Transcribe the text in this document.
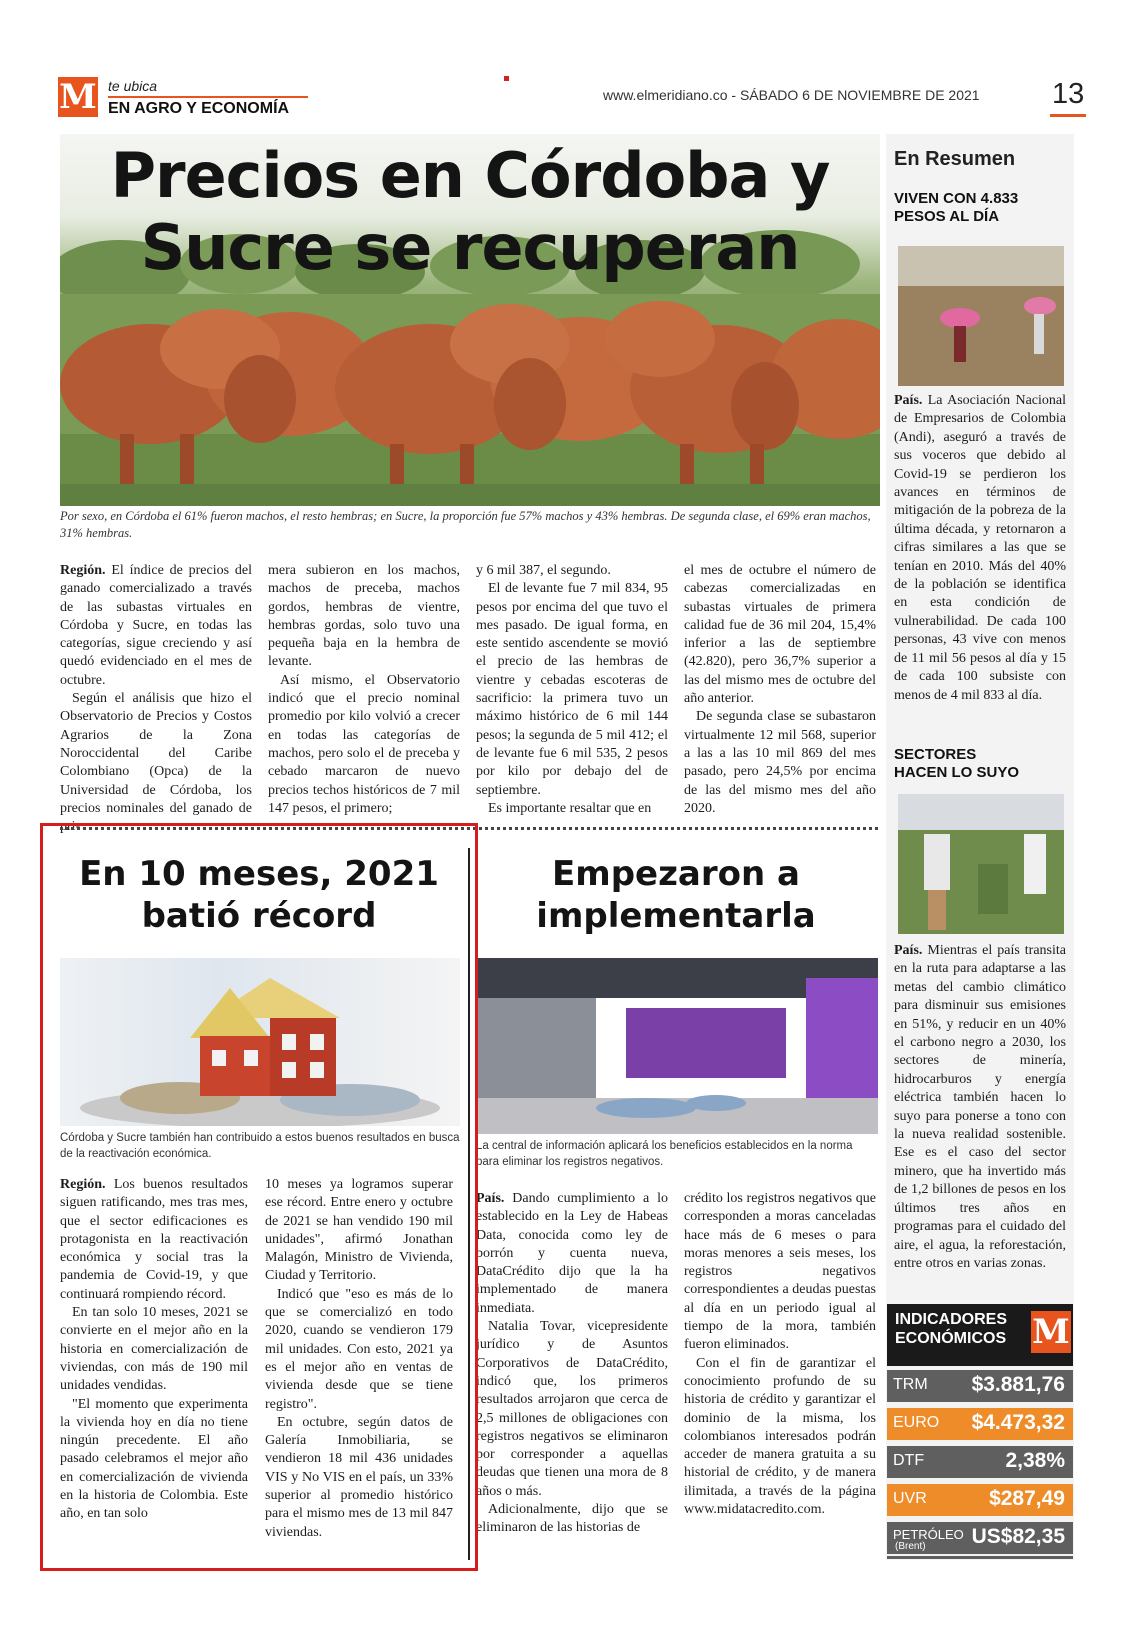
M te ubica
EN AGRO Y ECONOMÍA
www.elmeridiano.co - SÁBADO 6 DE NOVIEMBRE DE 2021 13
Precios en Córdoba y
Sucre se recuperan
Por sexo, en Córdoba el 61% fueron machos, el resto hembras; en Sucre, la proporción fue 57% machos y 43% hembras. De segunda clase, el 69% eran machos, 31% hembras.

Región. El índice de precios del ganado comercializado a través de las subastas virtuales en Córdoba y Sucre, en todas las categorías, sigue creciendo y así quedó evidenciado en el mes de octubre.

Según el análisis que hizo el Observatorio de Precios y Costos Agrarios de la Zona Noroccidental del Caribe Colombiano (Opca) de la Universidad de Córdoba, los precios nominales del ganado de pri-

mera subieron en los machos, machos de preceba, machos gordos, hembras de vientre, hembras gordas, solo tuvo una pequeña baja en la hembra de levante.

Así mismo, el Observatorio indicó que el precio nominal promedio por kilo volvió a crecer en todas las categorías de machos, pero solo el de preceba y cebado marcaron de nuevo precios techos históricos de 7 mil 147 pesos, el primero;

y 6 mil 387, el segundo.

El de levante fue 7 mil 834, 95 pesos por encima del que tuvo el mes pasado. De igual forma, en este sentido ascendente se movió el precio de las hembras de vientre y cebadas escoteras de sacrificio: la primera tuvo un máximo histórico de 6 mil 144 pesos; la segunda de 5 mil 412; el de levante fue 6 mil 535, 2 pesos por kilo por debajo del de septiembre.

Es importante resaltar que en

el mes de octubre el número de cabezas comercializadas en subastas virtuales de primera calidad fue de 36 mil 204, 15,4% inferior a las de septiembre (42.820), pero 36,7% superior a las del mismo mes de octubre del año anterior.

De segunda clase se subastaron virtualmente 12 mil 568, superior a las a las 10 mil 869 del mes pasado, pero 24,5% por encima de las del mismo mes del año 2020.

En 10 meses, 2021
batió récord
Córdoba y Sucre también han contribuido a estos buenos resultados en busca de la reactivación económica.

Región. Los buenos resultados siguen ratificando, mes tras mes, que el sector edificaciones es protagonista en la reactivación económica y social tras la pandemia de Covid-19, y que continuará rompiendo récord.

En tan solo 10 meses, 2021 se convierte en el mejor año en la historia en comercialización de viviendas, con más de 190 mil unidades vendidas.

"El momento que experimenta la vivienda hoy en día no tiene ningún precedente. El año pasado celebramos el mejor año en comercialización de vivienda en la historia de Colombia. Este año, en tan solo

10 meses ya logramos superar ese récord. Entre enero y octubre de 2021 se han vendido 190 mil unidades", afirmó Jonathan Malagón, Ministro de Vivienda, Ciudad y Territorio.

Indicó que "eso es más de lo que se comercializó en todo 2020, cuando se vendieron 179 mil unidades. Con esto, 2021 ya es el mejor año en ventas de vivienda desde que se tiene registro".

En octubre, según datos de Galería Inmobiliaria, se vendieron 18 mil 436 unidades VIS y No VIS en el país, un 33% superior al promedio histórico para el mismo mes de 13 mil 847 viviendas.

Empezaron a
implementarla
La central de información aplicará los beneficios establecidos en la norma para eliminar los registros negativos.

País. Dando cumplimiento a lo establecido en la Ley de Habeas Data, conocida como ley de borrón y cuenta nueva, DataCrédito dijo que la ha implementado de manera inmediata.

Natalia Tovar, vicepresidente jurídico y de Asuntos Corporativos de DataCrédito, indicó que, los primeros resultados arrojaron que cerca de 2,5 millones de obligaciones con registros negativos se eliminaron por corresponder a aquellas deudas que tienen una mora de 8 años o más.

Adicionalmente, dijo que se eliminaron de las historias de

crédito los registros negativos que corresponden a moras canceladas hace más de 6 meses o para moras menores a seis meses, los registros negativos correspondientes a deudas puestas al día en un periodo igual al tiempo de la mora, también fueron eliminados.

Con el fin de garantizar el conocimiento profundo de su historia de crédito y garantizar el dominio de la misma, los colombianos interesados podrán acceder de manera gratuita a su historial de crédito, y de manera ilimitada, a través de la página www.midatacredito.com.

En Resumen
VIVEN CON 4.833
PESOS AL DÍA
País. La Asociación Nacional de Empresarios de Colombia (Andi), aseguró a través de sus voceros que debido al Covid-19 se perdieron los avances en términos de mitigación de la pobreza de la última década, y retornaron a cifras similares a las que se tenían en 2010. Más del 40% de la población se identifica en esta condición de vulnerabilidad. De cada 100 personas, 43 vive con menos de 11 mil 56 pesos al día y 15 de cada 100 subsiste con menos de 4 mil 833 al día.
SECTORES
HACEN LO SUYO
País. Mientras el país transita en la ruta para adaptarse a las metas del cambio climático para disminuir sus emisiones en 51%, y reducir en un 40% el carbono negro a 2030, los sectores de minería, hidrocarburos y energía eléctrica también hacen lo suyo para ponerse a tono con la nueva realidad sostenible. Ese es el caso del sector minero, que ha invertido más de 1,2 billones de pesos en los últimos tres años en programas para el cuidado del aire, el agua, la reforestación, entre otros en varias zonas.
INDICADORES
ECONÓMICOS M
TRM $3.881,76
EURO $4.473,32
DTF	2,38%
UVR	$287,49
PETRÓLEO
(Brent) US$82,35
